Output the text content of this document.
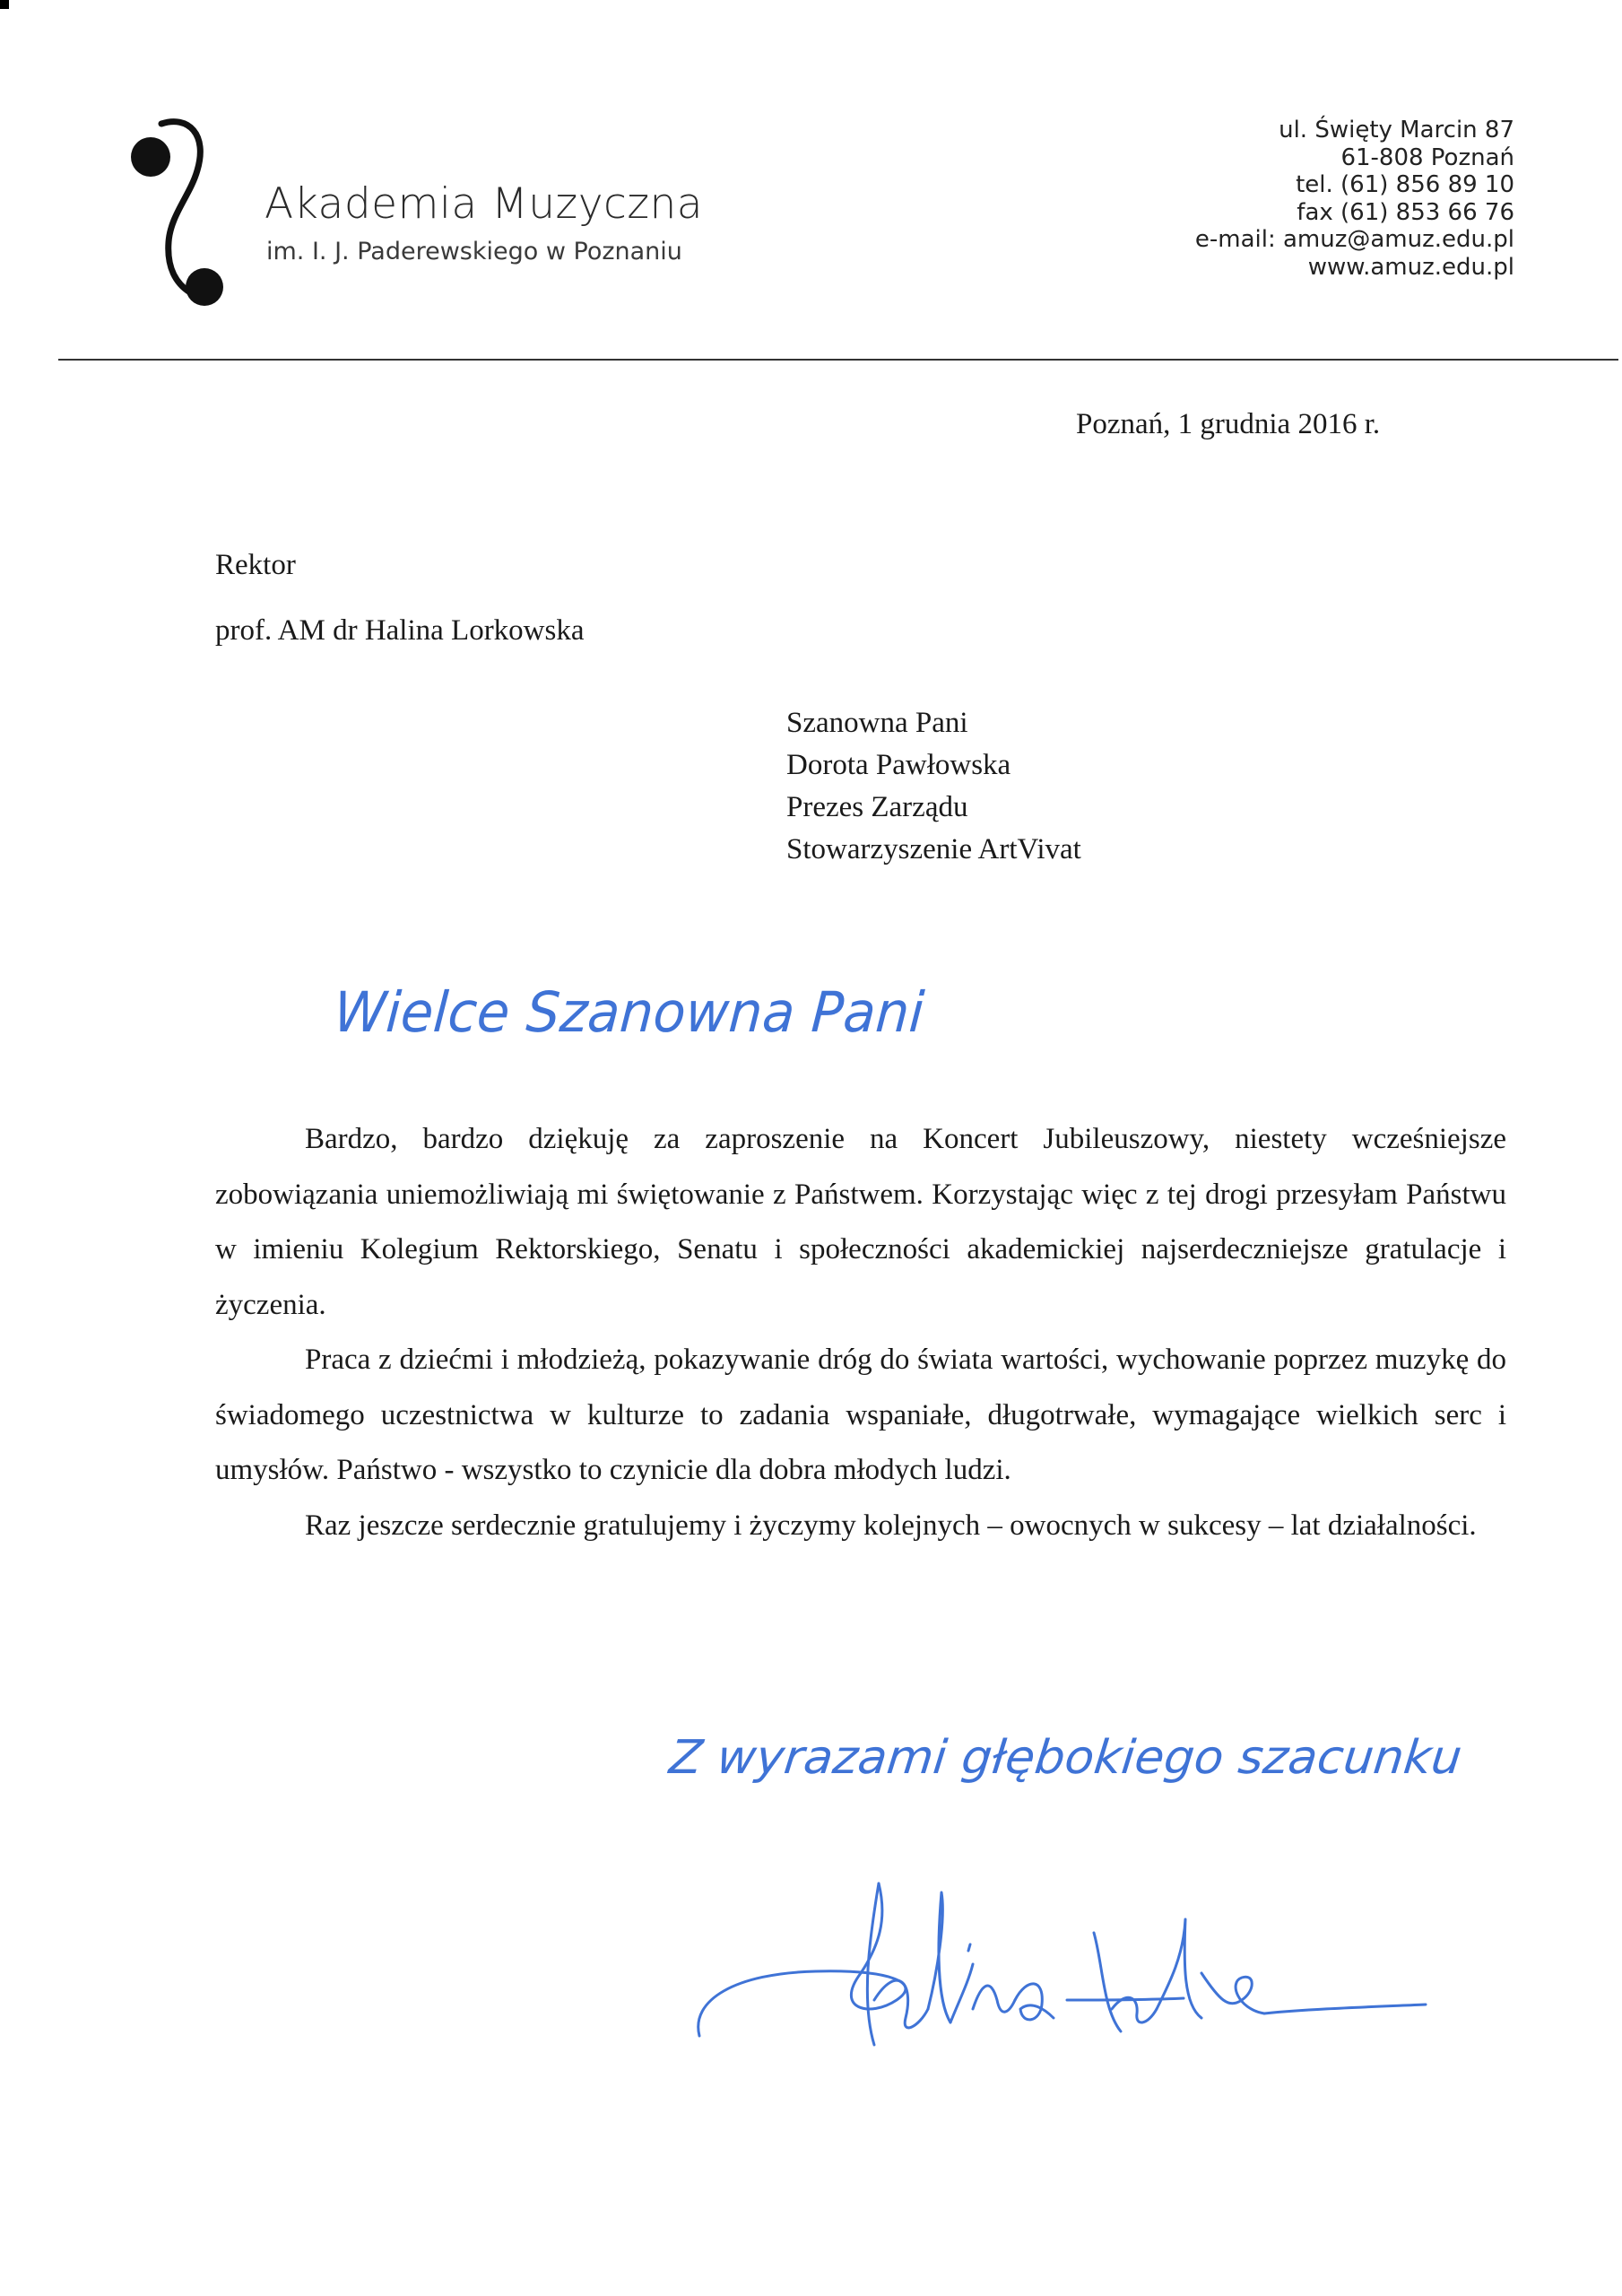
Akademia Muzyczna
im. I. J. Paderewskiego w Poznaniu
ul. Święty Marcin 87
61-808 Poznań
tel. (61) 856 89 10
fax (61) 853 66 76
e-mail: amuz@amuz.edu.pl
www.amuz.edu.pl
Poznań, 1 grudnia 2016 r.
Rektor
prof. AM dr Halina Lorkowska
Szanowna Pani
Dorota Pawłowska
Prezes Zarządu
Stowarzyszenie ArtVivat
Wielce Szanowna Pani

Bardzo, bardzo dziękuję za zaproszenie na Koncert Jubileuszowy, niestety wcześniejsze zobowiązania uniemożliwiają mi świętowanie z Państwem. Korzystając więc z tej drogi przesyłam Państwu w imieniu Kolegium Rektorskiego, Senatu i społeczności akademickiej najserdeczniejsze gratulacje i życzenia.

Praca z dziećmi i młodzieżą, pokazywanie dróg do świata wartości, wychowanie poprzez muzykę do świadomego uczestnictwa w kulturze to zadania wspaniałe, długotrwałe, wymagające wielkich serc i umysłów. Państwo - wszystko to czynicie dla dobra młodych ludzi.

Raz jeszcze serdecznie gratulujemy i życzymy kolejnych – owocnych w sukcesy – lat działalności.

Z wyrazami głębokiego szacunku
